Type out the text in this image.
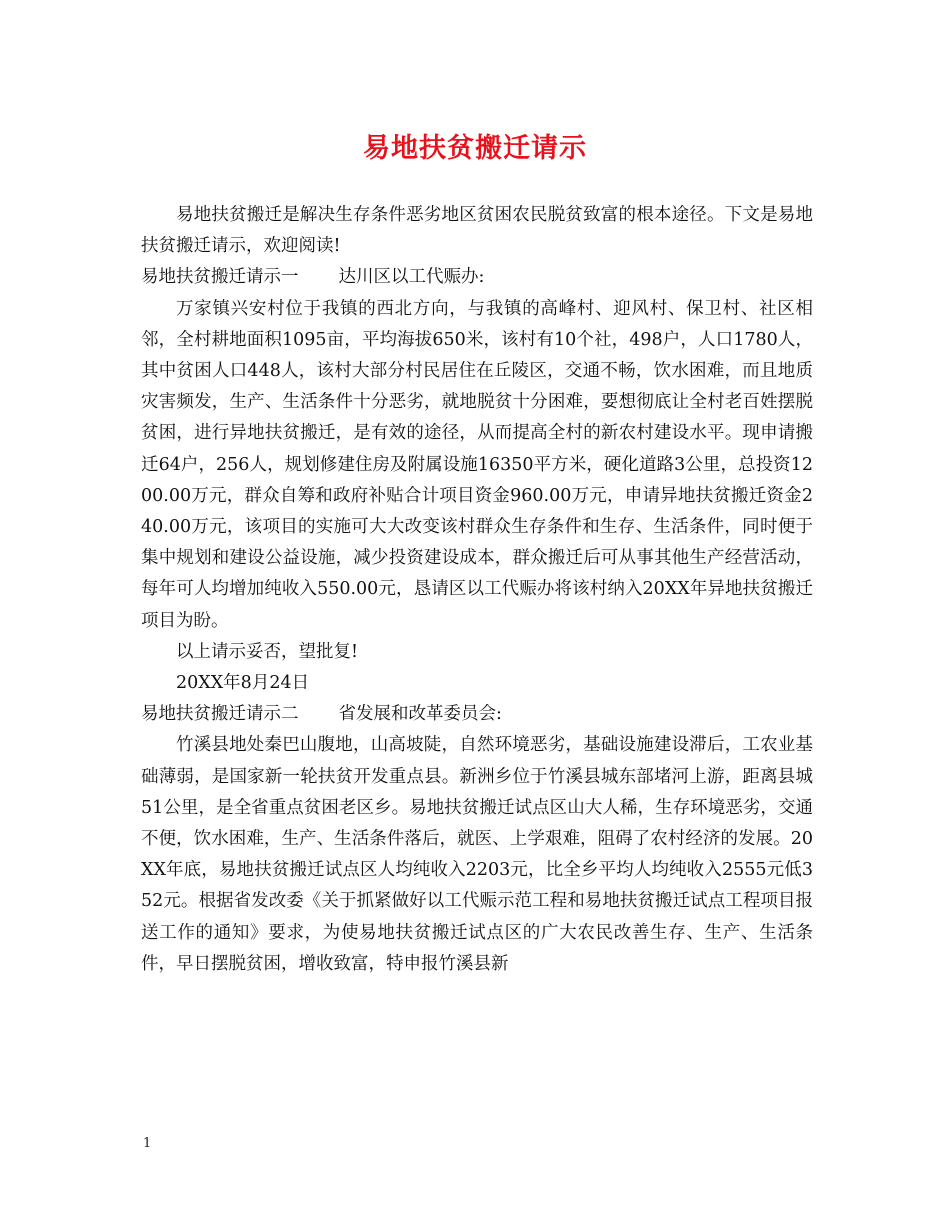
易地扶贫搬迁请示

易地扶贫搬迁是解决生存条件恶劣地区贫困农民脱贫致富的根本途径。下文是易地扶贫搬迁请示，欢迎阅读!

易地扶贫搬迁请示一 达川区以工代赈办:

万家镇兴安村位于我镇的西北方向，与我镇的高峰村、迎风村、保卫村、社区相邻，全村耕地面积1095亩，平均海拔650米，该村有10个社，498户，人口1780人，其中贫困人口448人，该村大部分村民居住在丘陵区，交通不畅，饮水困难，而且地质灾害频发，生产、生活条件十分恶劣，就地脱贫十分困难，要想彻底让全村老百姓摆脱贫困，进行异地扶贫搬迁，是有效的途径，从而提高全村的新农村建设水平。现申请搬迁64户，256人，规划修建住房及附属设施16350平方米，硬化道路3公里，总投资1200.00万元，群众自筹和政府补贴合计项目资金960.00万元，申请异地扶贫搬迁资金240.00万元，该项目的实施可大大改变该村群众生存条件和生存、生活条件，同时便于集中规划和建设公益设施，减少投资建设成本，群众搬迁后可从事其他生产经营活动，每年可人均增加纯收入550.00元，恳请区以工代赈办将该村纳入20XX年异地扶贫搬迁项目为盼。

以上请示妥否，望批复!

20XX年8月24日

易地扶贫搬迁请示二 省发展和改革委员会:

竹溪县地处秦巴山腹地，山高坡陡，自然环境恶劣，基础设施建设滞后，工农业基础薄弱，是国家新一轮扶贫开发重点县。新洲乡位于竹溪县城东部堵河上游，距离县城51公里，是全省重点贫困老区乡。易地扶贫搬迁试点区山大人稀，生存环境恶劣，交通不便，饮水困难，生产、生活条件落后，就医、上学艰难，阻碍了农村经济的发展。20XX年底，易地扶贫搬迁试点区人均纯收入2203元，比全乡平均人均纯收入2555元低352元。根据省发改委《关于抓紧做好以工代赈示范工程和易地扶贫搬迁试点工程项目报送工作的通知》要求，为使易地扶贫搬迁试点区的广大农民改善生存、生产、生活条件，早日摆脱贫困，增收致富，特申报竹溪县新

1
